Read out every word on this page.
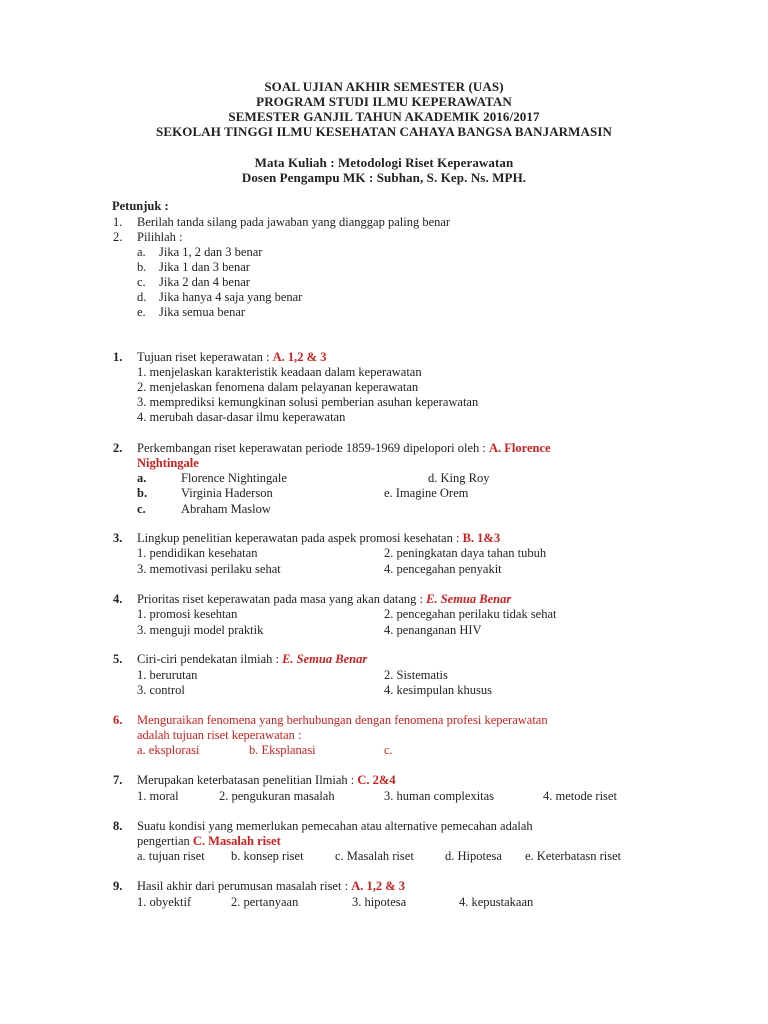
SOAL UJIAN AKHIR SEMESTER (UAS)
PROGRAM STUDI ILMU KEPERAWATAN
SEMESTER GANJIL TAHUN AKADEMIK 2016/2017
SEKOLAH TINGGI ILMU KESEHATAN CAHAYA BANGSA BANJARMASIN
Mata Kuliah : Metodologi Riset Keperawatan
Dosen Pengampu MK : Subhan, S. Kep. Ns. MPH.
Petunjuk :
1. Berilah tanda silang pada jawaban yang dianggap paling benar
2. Pilihlah :
a. Jika 1, 2 dan 3 benar
b. Jika 1 dan 3 benar
c. Jika 2 dan 4 benar
d. Jika hanya 4 saja yang benar
e. Jika semua benar
1. Tujuan riset keperawatan : A. 1,2 & 3
1. menjelaskan karakteristik keadaan dalam keperawatan
2. menjelaskan fenomena dalam pelayanan keperawatan
3. memprediksi kemungkinan solusi pemberian asuhan keperawatan
4. merubah dasar-dasar ilmu keperawatan
2. Perkembangan riset keperawatan periode 1859-1969 dipelopori oleh : A. Florence
Nightingale
a.	Florence Nightingale	d. King Roy
b.	Virginia Haderson	e. Imagine Orem
c.	Abraham Maslow
3. Lingkup penelitian keperawatan pada aspek promosi kesehatan : B. 1&3
1. pendidikan kesehatan	2. peningkatan daya tahan tubuh
3. memotivasi perilaku sehat	4. pencegahan penyakit
4. Prioritas riset keperawatan pada masa yang akan datang : E. Semua Benar
1. promosi kesehtan	2. pencegahan perilaku tidak sehat
3. menguji model praktik	4. penanganan HIV
5. Ciri-ciri pendekatan ilmiah : E. Semua Benar
1. berurutan	2. Sistematis
3. control	4. kesimpulan khusus
6. Menguraikan fenomena yang berhubungan dengan fenomena profesi keperawatan
adalah tujuan riset keperawatan :
a. eksplorasi	b. Eksplanasi	c.
7. Merupakan keterbatasan penelitian Ilmiah : C. 2&4
1. moral	2. pengukuran masalah	3. human complexitas	4. metode riset
8. Suatu kondisi yang memerlukan pemecahan atau alternative pemecahan adalah
pengertian C. Masalah riset
a. tujuan riset b. konsep riset	c. Masalah riset d. Hipotesa e. Keterbatasn riset
9. Hasil akhir dari perumusan masalah riset : A. 1,2 & 3
1. obyektif	2. pertanyaan	3. hipotesa	4. kepustakaan
